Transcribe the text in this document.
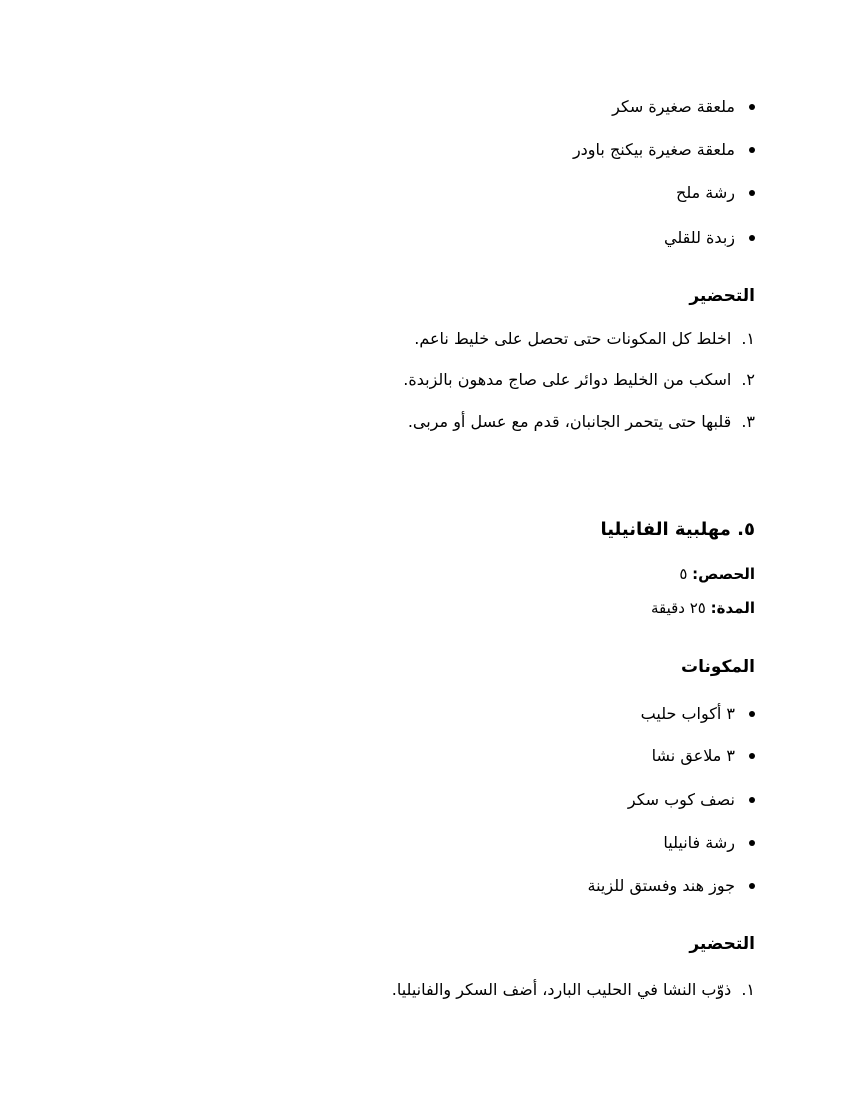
ملعقة صغيرة سكر
ملعقة صغيرة بيكنج باودر
رشة ملح
زبدة للقلي
التحضير
١.اخلط كل المكونات حتى تحصل على خليط ناعم.
٢.اسكب من الخليط دوائر على صاج مدهون بالزبدة.
٣.قلبها حتى يتحمر الجانبان، قدم مع عسل أو مربى.
٥. مهلبية الفانيليا
الحصص: ٥
المدة: ٢٥ دقيقة
المكونات
٣ أكواب حليب
٣ ملاعق نشا
نصف كوب سكر
رشة فانيليا
جوز هند وفستق للزينة
التحضير
١.ذوّب النشا في الحليب البارد، أضف السكر والفانيليا.
